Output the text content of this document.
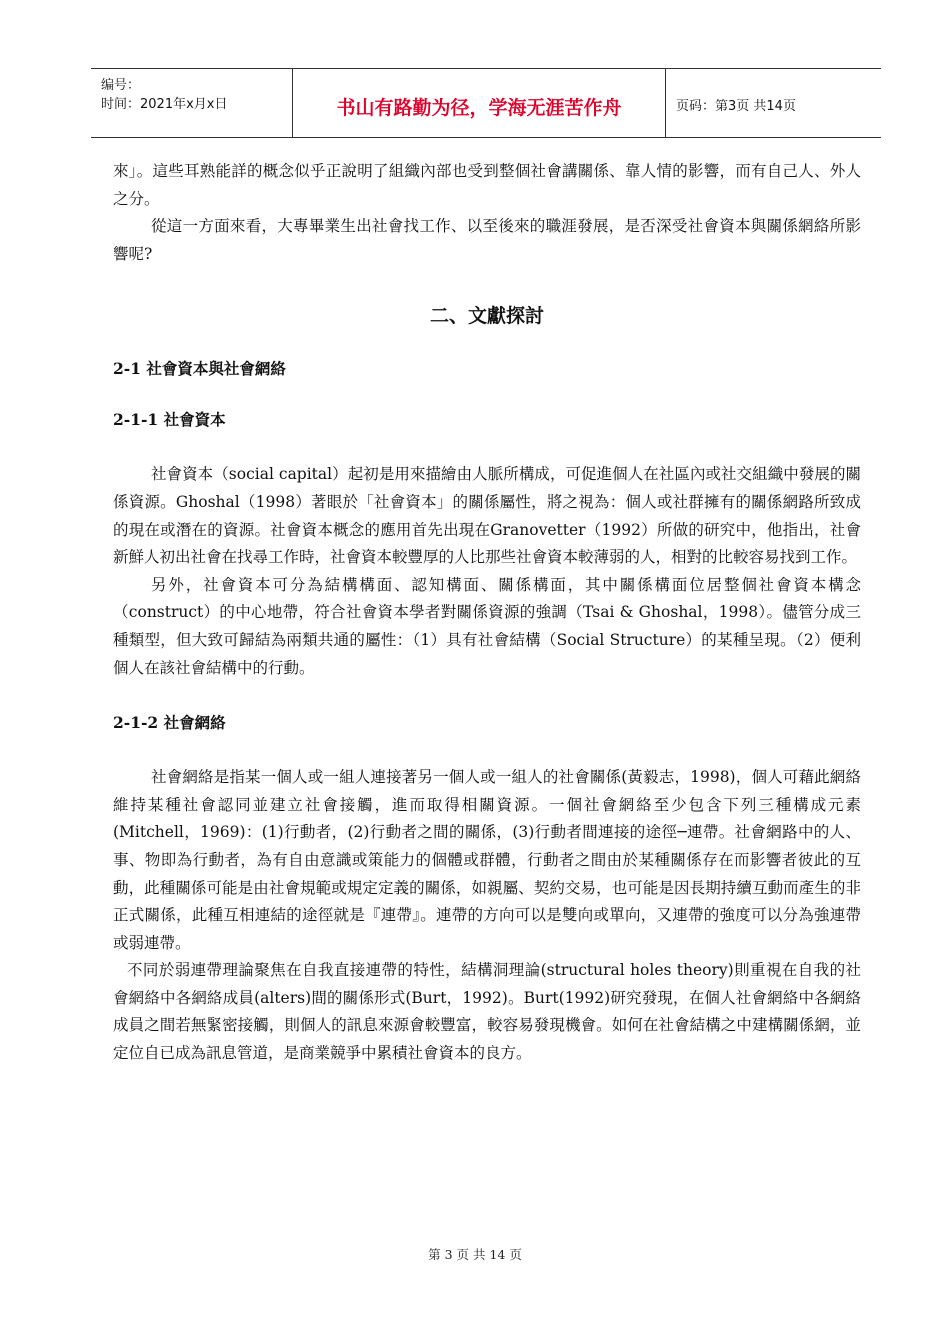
编号：
时间：2021年x月x日	书山有路勤为径，学海无涯苦作舟	页码：第3页 共14页

來」。這些耳熟能詳的概念似乎正說明了組織內部也受到整個社會講關係、靠人情的影響，而有自己人、外人之分。

從這一方面來看，大專畢業生出社會找工作、以至後來的職涯發展，是否深受社會資本與關係網絡所影響呢?

二、文獻探討

2-1 社會資本與社會網絡

2-1-1 社會資本

社會資本（social capital）起初是用來描繪由人脈所構成，可促進個人在社區內或社交組織中發展的關係資源。Ghoshal（1998）著眼於「社會資本」的關係屬性，將之視為：個人或社群擁有的關係網路所致成的現在或潛在的資源。社會資本概念的應用首先出現在Granovetter（1992）所做的研究中，他指出，社會新鮮人初出社會在找尋工作時，社會資本較豐厚的人比那些社會資本較薄弱的人，相對的比較容易找到工作。

另外，社會資本可分為結構構面、認知構面、關係構面，其中關係構面位居整個社會資本構念（construct）的中心地帶，符合社會資本學者對關係資源的強調（Tsai & Ghoshal，1998）。儘管分成三種類型，但大致可歸結為兩類共通的屬性：（1）具有社會結構（Social Structure）的某種呈現。（2）便利個人在該社會結構中的行動。

2-1-2 社會網絡

社會網絡是指某一個人或一組人連接著另一個人或一組人的社會關係(黃毅志，1998)，個人可藉此網絡維持某種社會認同並建立社會接觸，進而取得相關資源。一個社會網絡至少包含下列三種構成元素(Mitchell，1969)：(1)行動者，(2)行動者之間的關係，(3)行動者間連接的途徑─連帶。社會網路中的人、事、物即為行動者，為有自由意識或策能力的個體或群體，行動者之間由於某種關係存在而影響者彼此的互動，此種關係可能是由社會規範或規定定義的關係，如親屬、契約交易，也可能是因長期持續互動而產生的非正式關係，此種互相連結的途徑就是『連帶』。連帶的方向可以是雙向或單向，又連帶的強度可以分為強連帶或弱連帶。

不同於弱連帶理論聚焦在自我直接連帶的特性，結構洞理論(structural holes theory)則重視在自我的社會網絡中各網絡成員(alters)間的關係形式(Burt，1992)。Burt(1992)研究發現，在個人社會網絡中各網絡成員之間若無緊密接觸，則個人的訊息來源會較豐富，較容易發現機會。如何在社會結構之中建構關係網，並定位自已成為訊息管道，是商業競爭中累積社會資本的良方。

第 3 页 共 14 页
